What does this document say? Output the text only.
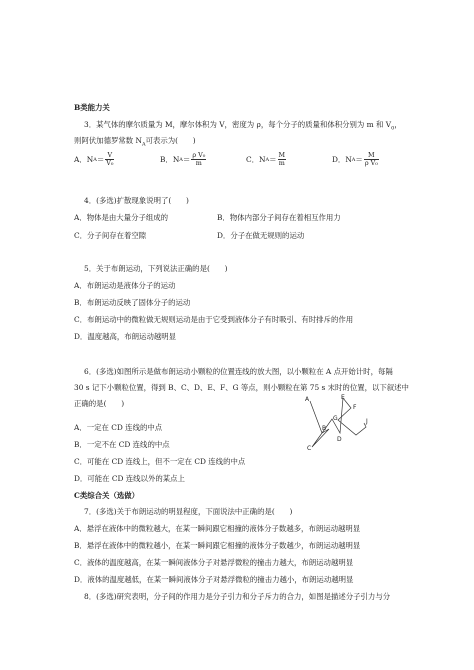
B类能力关
3．某气体的摩尔质量为 M，摩尔体积为 V，密度为 ρ，每个分子的质量和体积分别为 m 和 $V_0$，
则阿伏加德罗常数 $N_A$可表示为(　　)
A．N $A = \frac{V}{\text{V₀}}$	B．N $A = \frac{\text{ρ V₀}}{m}$	C．N $A = \frac{M}{m}$	D．N $A = \frac{M}{\text{ρ V₀}}$
4．(多选)扩散现象说明了(　　)
A．物体是由大量分子组成的	B．物体内部分子间存在着相互作用力
C．分子间存在着空隙	D．分子在做无规则的运动
5．关于布朗运动，下列说法正确的是(　　)
A．布朗运动是液体分子的运动
B．布朗运动反映了固体分子的运动
C．布朗运动中的微粒做无规则运动是由于它受到液体分子有时吸引、有时排斥的作用
D．温度越高，布朗运动越明显
6．(多选)如图所示是做布朗运动小颗粒的位置连线的放大图，以小颗粒在 A 点开始计时，每隔
30 s 记下小颗粒位置，得到 B、C、D、E、F、G 等点，则小颗粒在第 75 s 末时的位置，以下叙述中
正确的是(　　)	A
B
C
D
E
F
G	J
A．一定在 CD 连线的中点
B．一定不在 CD 连线的中点
C．可能在 CD 连线上，但不一定在 CD 连线的中点
D．可能在 CD 连线以外的某点上
C类综合关（选做）
7．(多选)关于布朗运动的明显程度，下面说法中正确的是(　　)
A．悬浮在液体中的微粒越大，在某一瞬间跟它相撞的液体分子数越多，布朗运动越明显
B．悬浮在液体中的微粒越小，在某一瞬间跟它相撞的液体分子数越少，布朗运动越明显
C．液体的温度越高，在某一瞬间液体分子对悬浮微粒的撞击力越大，布朗运动越明显
D．液体的温度越低，在某一瞬间液体分子对悬浮微粒的撞击力越小，布朗运动越明显
8．(多选)研究表明，分子间的作用力是分子引力和分子斥力的合力，如图是描述分子引力与分
